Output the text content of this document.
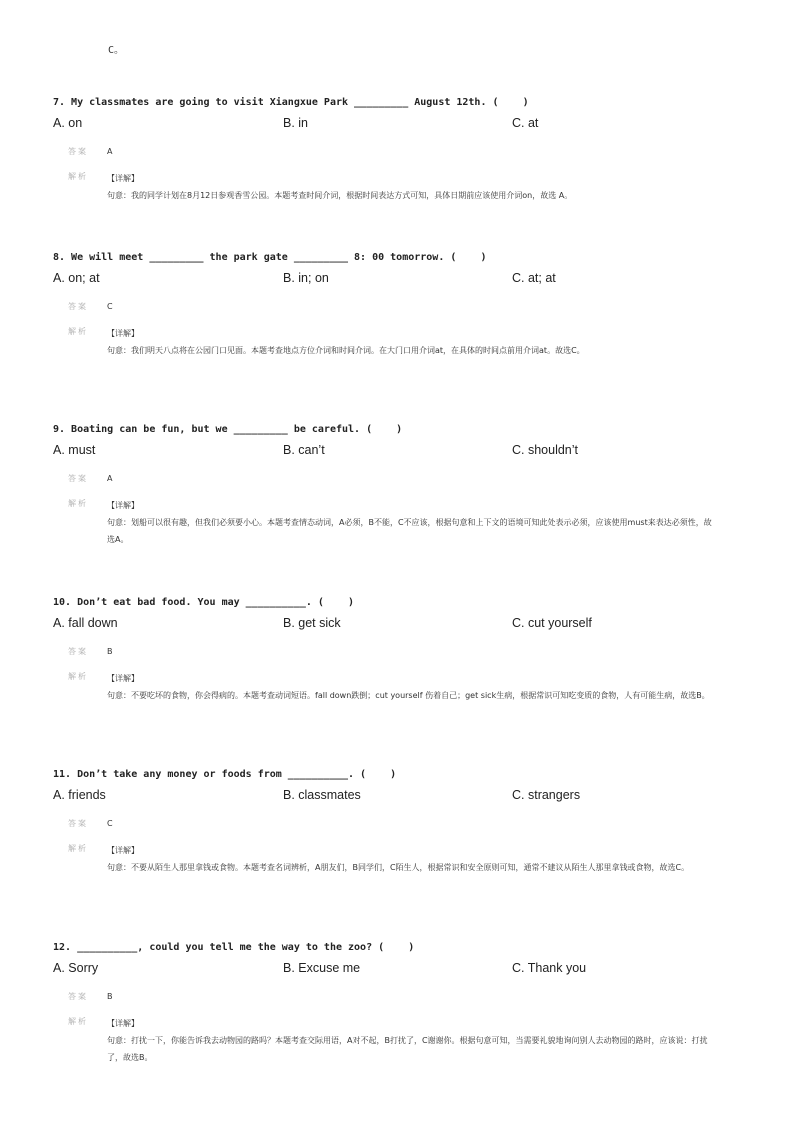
C。
7. My classmates are going to visit Xiangxue Park _________ August 12th. (    )
A. on	B. in	C. at
答案	A
解析	【详解】
句意：我的同学计划在8月12日参观香雪公园。本题考查时间介词，根据时间表达方式可知，具体日期前应该使用介词on，故选 A。
8. We will meet _________ the park gate _________ 8: 00 tomorrow. (    )
A. on; at	B. in; on	C. at; at
答案	C
解析	【详解】
句意：我们明天八点将在公园门口见面。本题考查地点方位介词和时间介词。在大门口用介词at，在具体的时间点前用介词at。故选C。
9. Boating can be fun, but we _________ be careful. (    )
A. must	B. can’t	C. shouldn’t
答案	A
解析	【详解】
句意：划船可以很有趣，但我们必须要小心。本题考查情态动词，A必须，B不能，C不应该，根据句意和上下文的语境可知此处表示必须，应该使用must来表达必须性，故选A。
10. Don’t eat bad food. You may __________. (    )
A. fall down	B. get sick	C. cut yourself
答案	B
解析	【详解】
句意：不要吃坏的食物，你会得病的。本题考查动词短语。fall down跌倒；cut yourself 伤着自己；get sick生病，根据常识可知吃变质的食物，人有可能生病，故选B。
11. Don’t take any money or foods from __________. (    )
A. friends	B. classmates	C. strangers
答案	C
解析	【详解】
句意：不要从陌生人那里拿钱或食物。本题考查名词辨析，A朋友们，B同学们，C陌生人，根据常识和安全原则可知，通常不建议从陌生人那里拿钱或食物，故选C。
12. __________, could you tell me the way to the zoo? (    )
A. Sorry	B. Excuse me	C. Thank you
答案	B
解析	【详解】
句意：打扰一下，你能告诉我去动物园的路吗？本题考查交际用语，A对不起，B打扰了，C谢谢你。根据句意可知，当需要礼貌地询问别人去动物园的路时，应该说：打扰了，故选B。
